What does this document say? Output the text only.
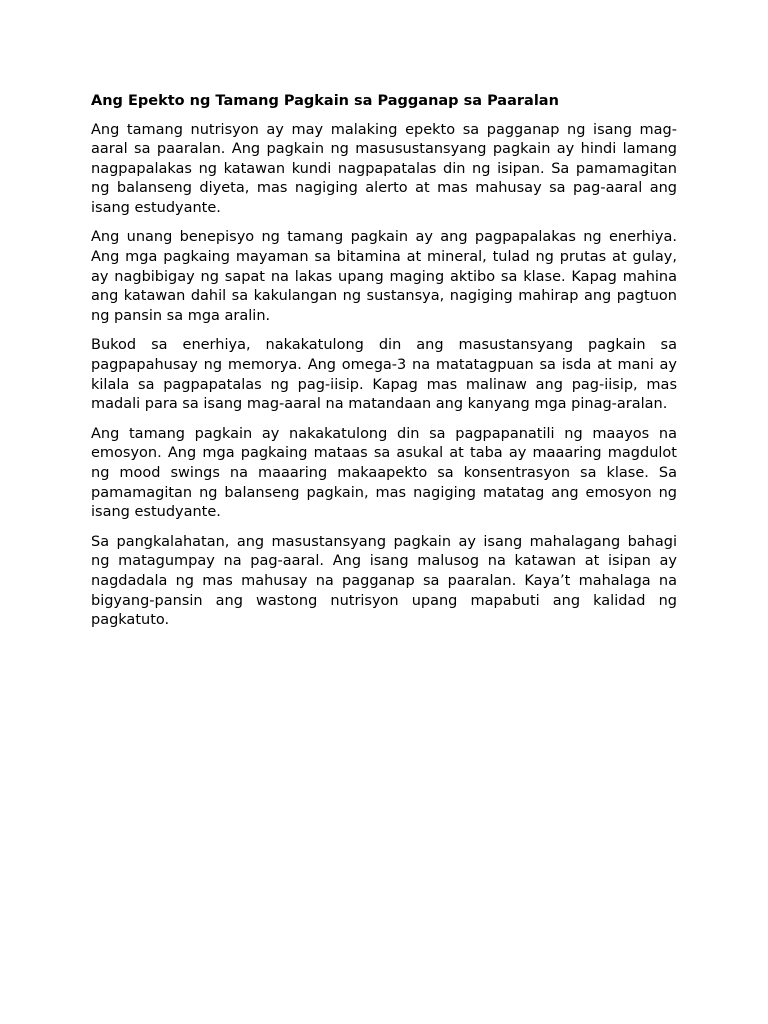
Ang Epekto ng Tamang Pagkain sa Pagganap sa Paaralan

Ang tamang nutrisyon ay may malaking epekto sa pagganap ng isang mag-aaral sa paaralan. Ang pagkain ng masusustansyang pagkain ay hindi lamang nagpapalakas ng katawan kundi nagpapatalas din ng isipan. Sa pamamagitan ng balanseng diyeta, mas nagiging alerto at mas mahusay sa pag-aaral ang isang estudyante.

Ang unang benepisyo ng tamang pagkain ay ang pagpapalakas ng enerhiya. Ang mga pagkaing mayaman sa bitamina at mineral, tulad ng prutas at gulay, ay nagbibigay ng sapat na lakas upang maging aktibo sa klase. Kapag mahina ang katawan dahil sa kakulangan ng sustansya, nagiging mahirap ang pagtuon ng pansin sa mga aralin.

Bukod sa enerhiya, nakakatulong din ang masustansyang pagkain sa pagpapahusay ng memorya. Ang omega-3 na matatagpuan sa isda at mani ay kilala sa pagpapatalas ng pag-iisip. Kapag mas malinaw ang pag-iisip, mas madali para sa isang mag-aaral na matandaan ang kanyang mga pinag-aralan.

Ang tamang pagkain ay nakakatulong din sa pagpapanatili ng maayos na emosyon. Ang mga pagkaing mataas sa asukal at taba ay maaaring magdulot ng mood swings na maaaring makaapekto sa konsentrasyon sa klase. Sa pamamagitan ng balanseng pagkain, mas nagiging matatag ang emosyon ng isang estudyante.

Sa pangkalahatan, ang masustansyang pagkain ay isang mahalagang bahagi ng matagumpay na pag-aaral. Ang isang malusog na katawan at isipan ay nagdadala ng mas mahusay na pagganap sa paaralan. Kaya’t mahalaga na bigyang-pansin ang wastong nutrisyon upang mapabuti ang kalidad ng pagkatuto.
